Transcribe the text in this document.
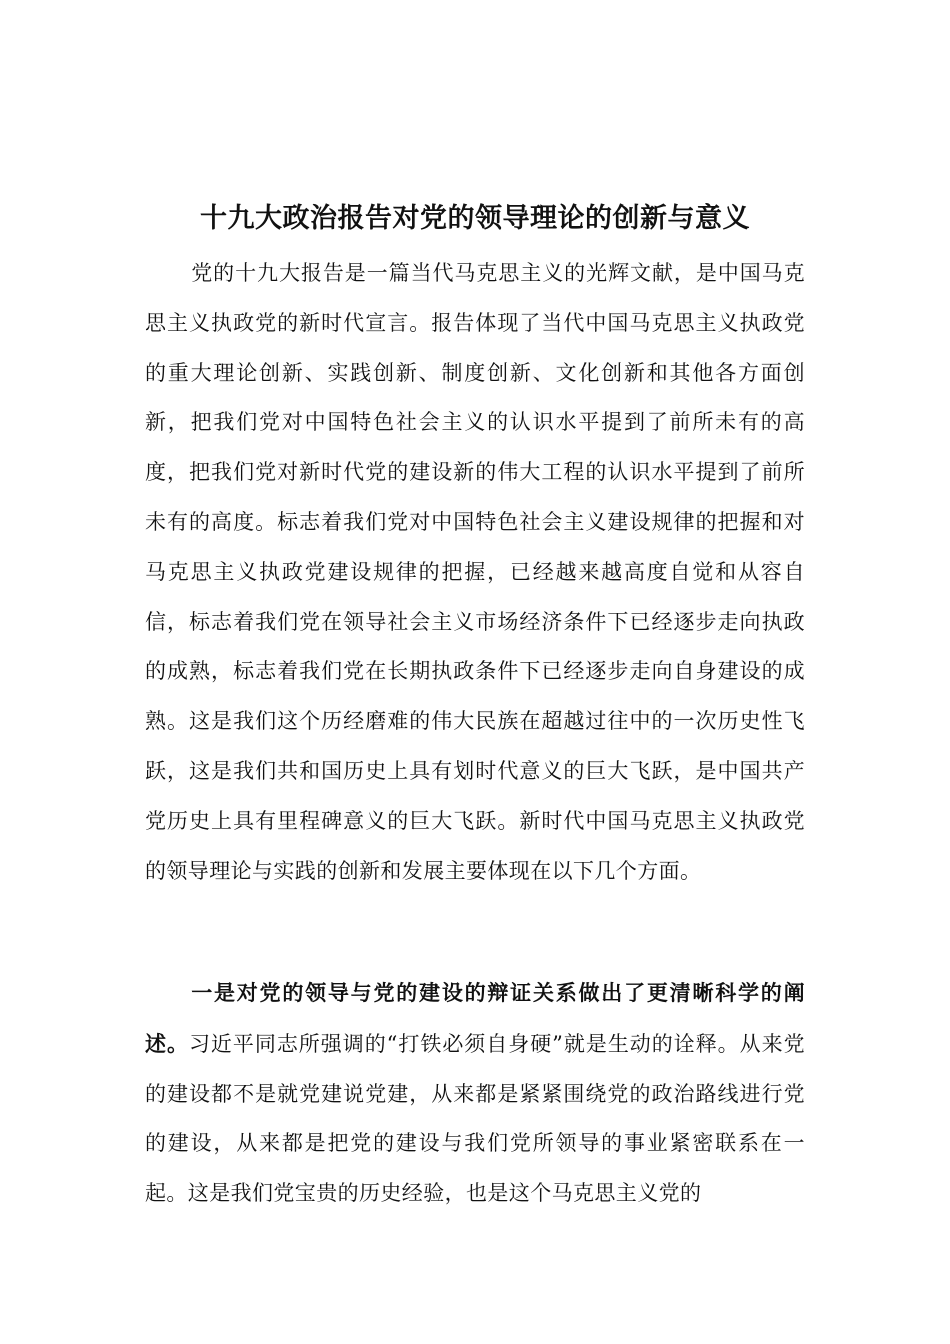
十九大政治报告对党的领导理论的创新与意义

党的十九大报告是一篇当代马克思主义的光辉文献，是中国马克思主义执政党的新时代宣言。报告体现了当代中国马克思主义执政党的重大理论创新、实践创新、制度创新、文化创新和其他各方面创新，把我们党对中国特色社会主义的认识水平提到了前所未有的高度，把我们党对新时代党的建设新的伟大工程的认识水平提到了前所未有的高度。标志着我们党对中国特色社会主义建设规律的把握和对马克思主义执政党建设规律的把握，已经越来越高度自觉和从容自信，标志着我们党在领导社会主义市场经济条件下已经逐步走向执政的成熟，标志着我们党在长期执政条件下已经逐步走向自身建设的成熟。这是我们这个历经磨难的伟大民族在超越过往中的一次历史性飞跃，这是我们共和国历史上具有划时代意义的巨大飞跃，是中国共产党历史上具有里程碑意义的巨大飞跃。新时代中国马克思主义执政党的领导理论与实践的创新和发展主要体现在以下几个方面。

一是对党的领导与党的建设的辩证关系做出了更清晰科学的阐述。习近平同志所强调的“打铁必须自身硬”就是生动的诠释。从来党的建设都不是就党建说党建，从来都是紧紧围绕党的政治路线进行党的建设，从来都是把党的建设与我们党所领导的事业紧密联系在一起。这是我们党宝贵的历史经验，也是这个马克思主义党的
